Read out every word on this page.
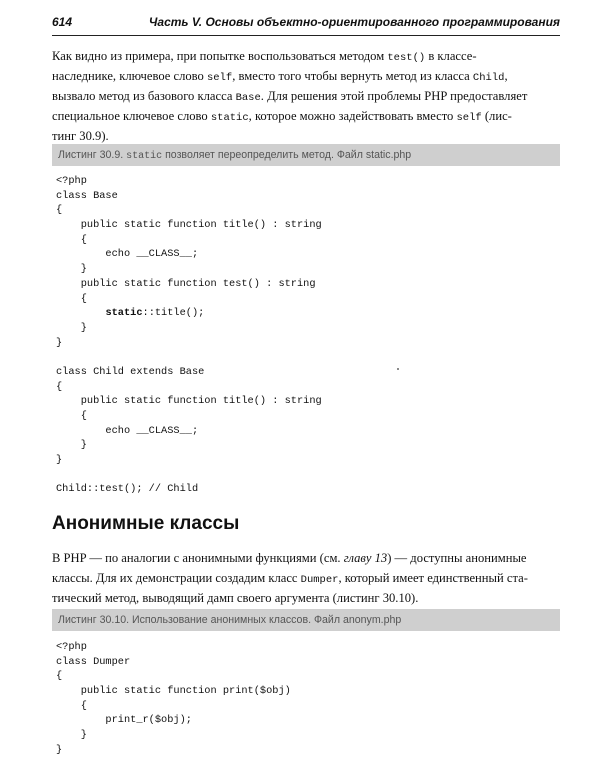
614	Часть V. Основы объектно-ориентированного программирования

Как видно из примера, при попытке воспользоваться методом test() в классе-

наследнике, ключевое слово self, вместо того чтобы вернуть метод из класса Child,

вызвало метод из базового класса Base. Для решения этой проблемы PHP предоставляет

специальное ключевое слово static, которое можно задействовать вместо self (лис-

тинг 30.9).

Листинг 30.9. static позволяет переопределить метод. Файл static.php
<?php
class Base
{
public static function title() : string
{
echo __CLASS__;
}
public static function test() : string
{
static::title();
}
}

class Child extends Base
{
public static function title() : string
{
echo __CLASS__;
}
}

Child::test(); // Child
Анонимные классы

В PHP — по аналогии с анонимными функциями (см. главу 13) — доступны анонимные

классы. Для их демонстрации создадим класс Dumper, который имеет единственный ста-

тический метод, выводящий дамп своего аргумента (листинг 30.10).

Листинг 30.10. Использование анонимных классов. Файл anonym.php
<?php
class Dumper
{
public static function print($obj)
{
print_r($obj);
}
}
